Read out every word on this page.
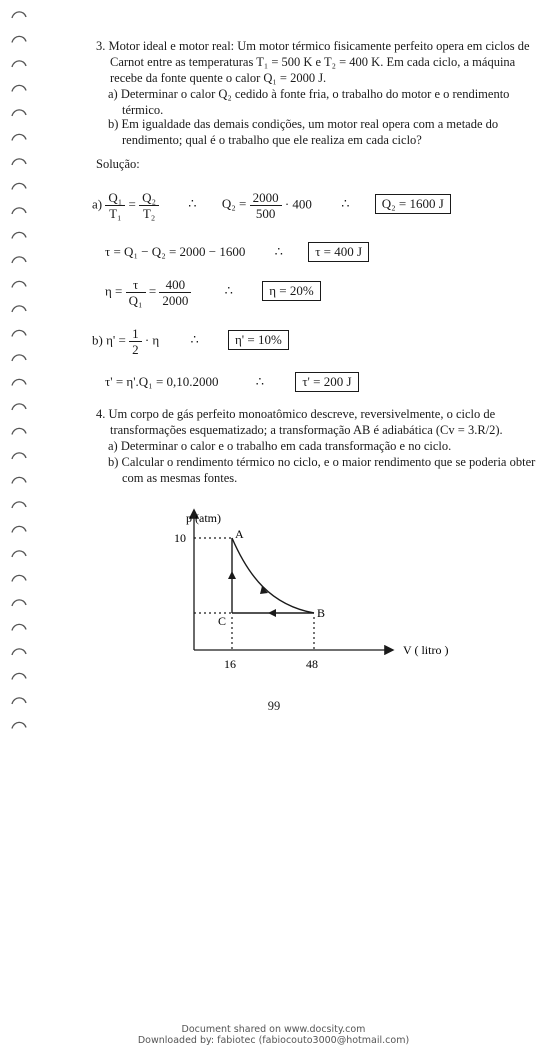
3. Motor ideal e motor real: Um motor térmico fisicamente perfeito opera em ciclos de Carnot entre as temperaturas T₁ = 500 K e T₂ = 400 K. Em cada ciclo, a máquina recebe da fonte quente o calor Q₁ = 2000 J.
a) Determinar o calor Q₂ cedido à fonte fria, o trabalho do motor e o rendimento térmico.
b) Em igualdade das demais condições, um motor real opera com a metade do rendimento; qual é o trabalho que ele realiza em cada ciclo?
Solução:
$a) \frac{\text{Q₁}}{\text{T₁}} = \frac{\text{Q₂}}{\text{T₂}}$ ∴ $Q_2 = \frac{2000}{500} \cdot 400$ ∴ Q₂ = 1600 J
τ = Q₁ − Q₂ = 2000 − 1600 ∴ τ = 400 J
$\eta = \frac{\tau}{\text{Q₁}} = \frac{400}{2000}$	∴	η = 20%
b) $\eta' = \frac{1}{2} \cdot \eta$ ∴	η' = 10%
τ' = η'.Q₁ = 0,10.2000	∴	τ' = 200 J
4. Um corpo de gás perfeito monoatômico descreve, reversivelmente, o ciclo de transformações esquematizado; a transformação AB é adiabática (Cv = 3.R/2).
a) Determinar o calor e o trabalho em cada transformação e no ciclo.
b) Calcular o rendimento térmico no ciclo, e o maior rendimento que se poderia obter com as mesmas fontes.
p (atm)
10	A
B
C
16	48
V ( litro )
99
Document shared on www.docsity.com
Downloaded by: fabiotec (fabiocouto3000@hotmail.com)
